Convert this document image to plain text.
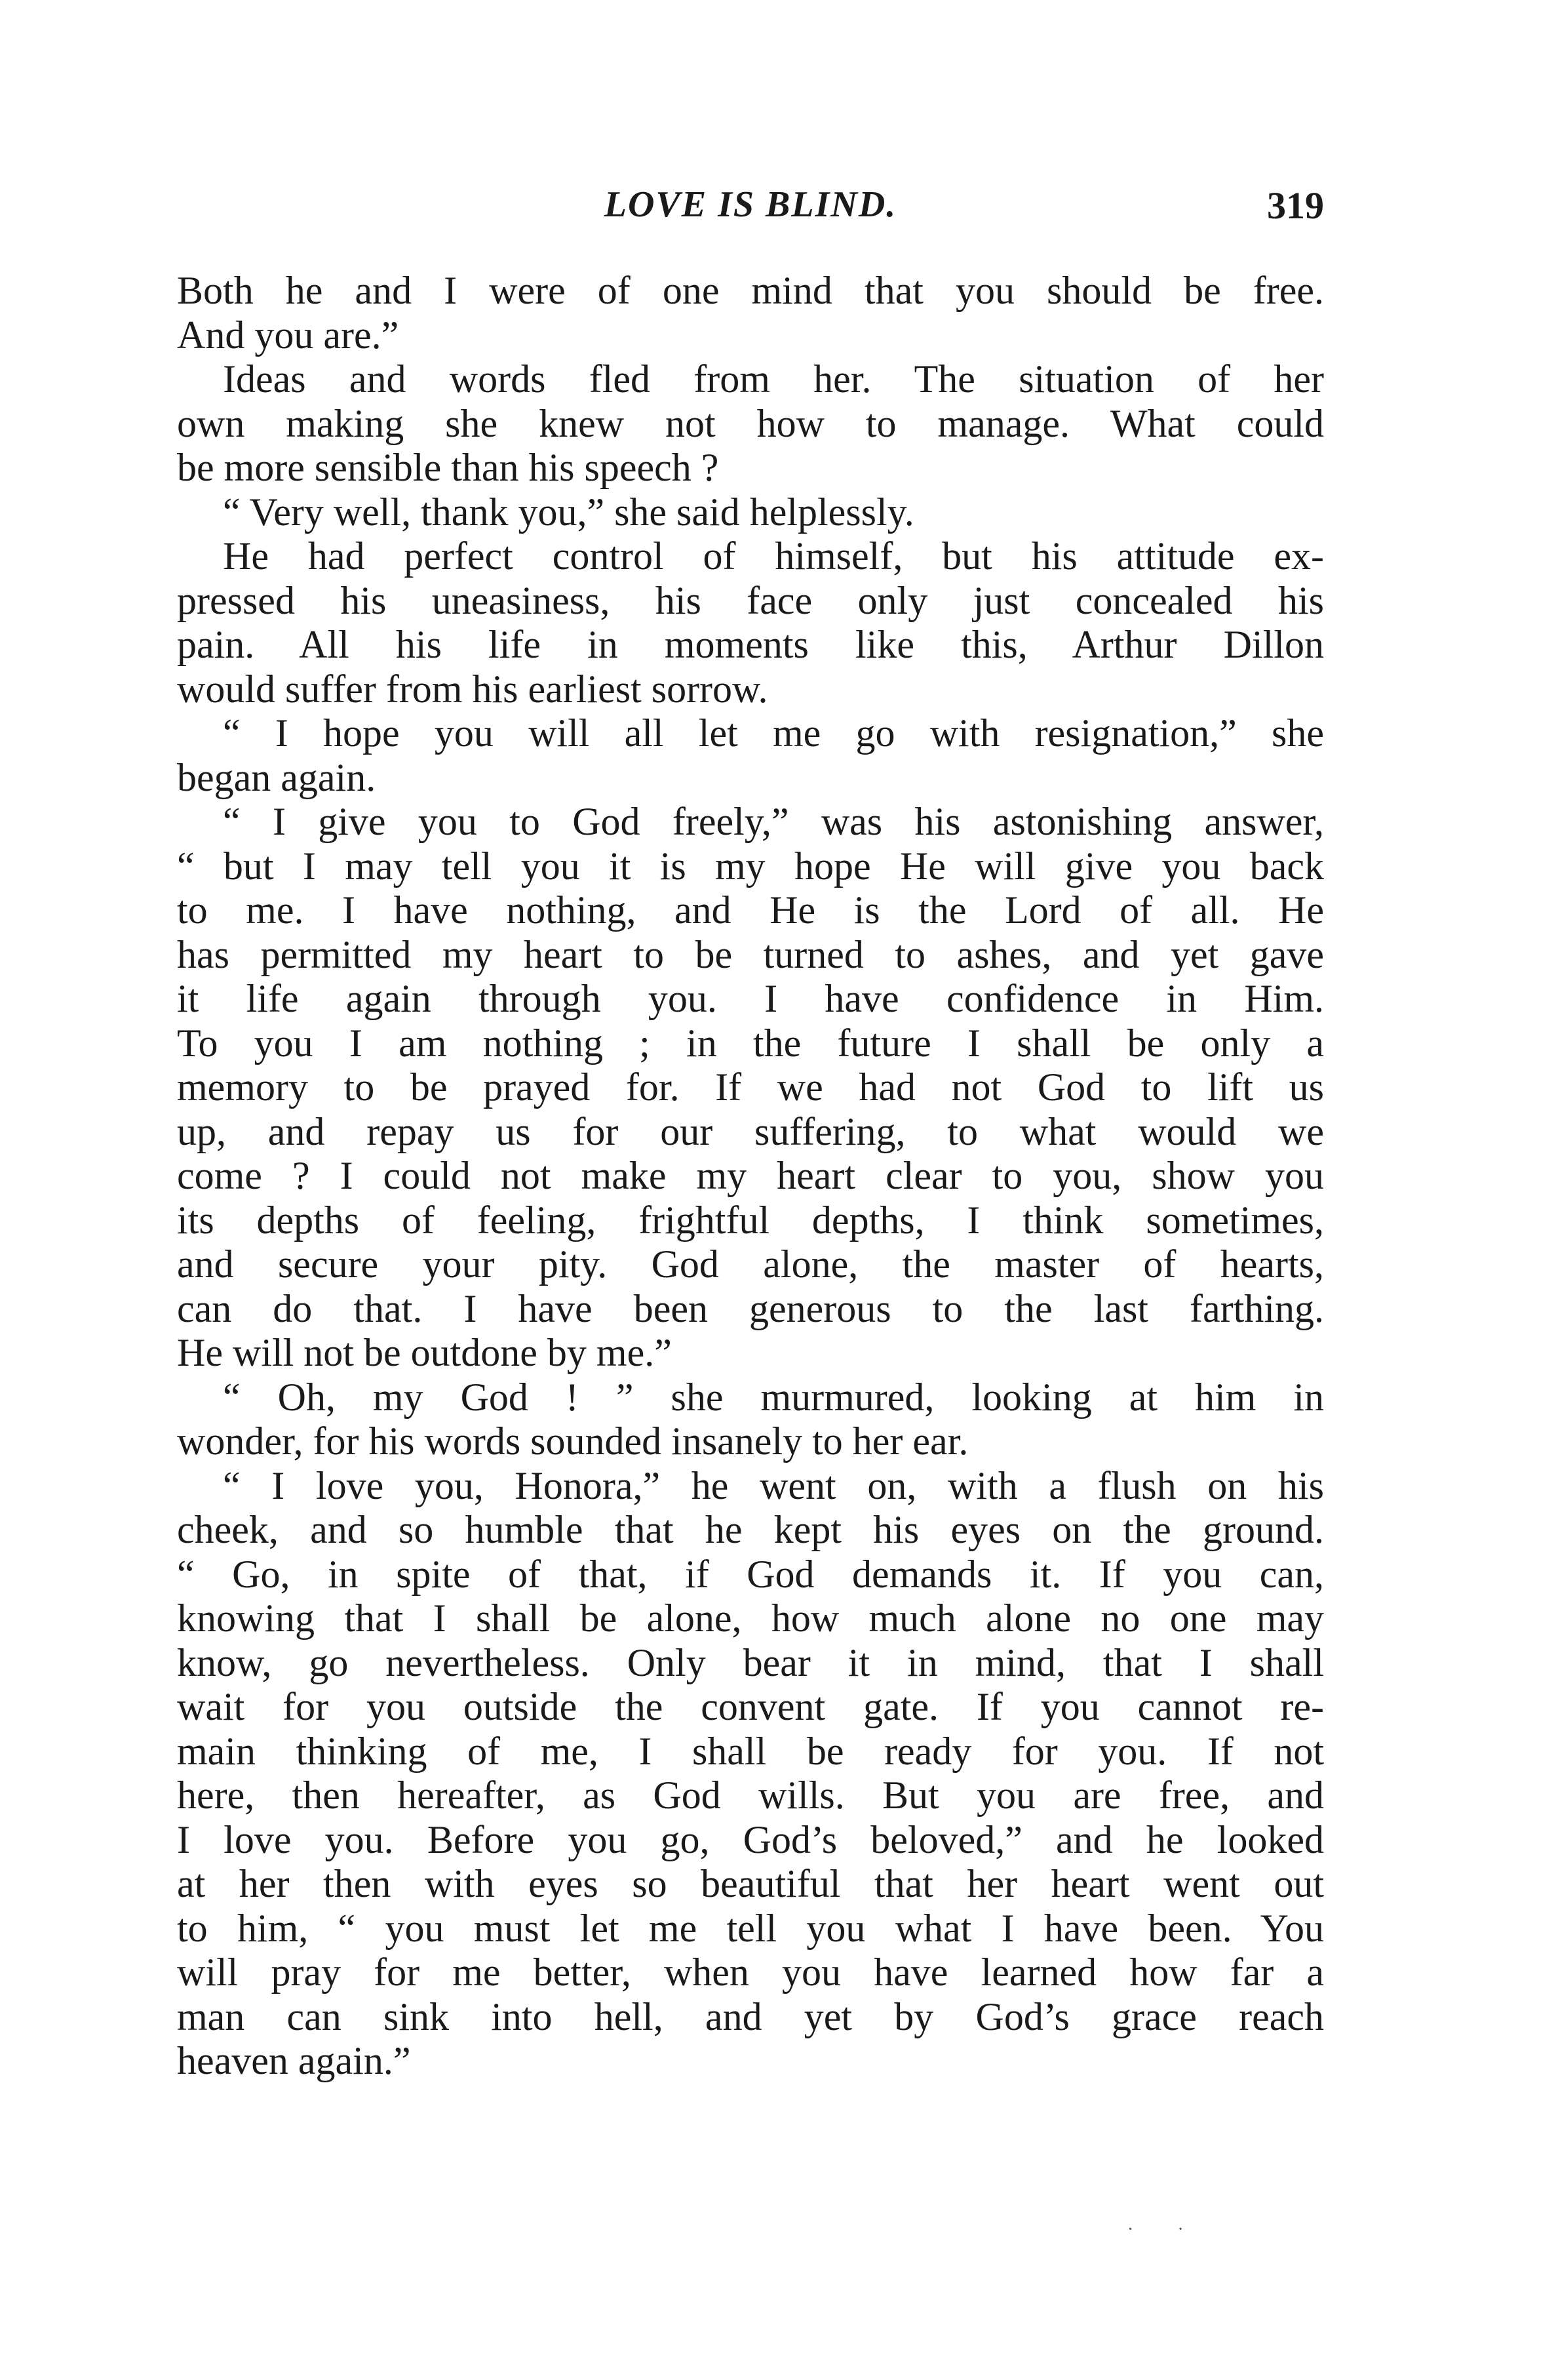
LOVE IS BLIND.	319
Both he and I were of one mind that you should be free.
And you are.”
Ideas and words fled from her. The situation of her
own making she knew not how to manage. What could
be more sensible than his speech ?
“ Very well, thank you,” she said helplessly.
He had perfect control of himself, but his attitude ex-
pressed his uneasiness, his face only just concealed his
pain. All his life in moments like this, Arthur Dillon
would suffer from his earliest sorrow.
“ I hope you will all let me go with resignation,” she
began again.
“ I give you to God freely,” was his astonishing answer,
“ but I may tell you it is my hope He will give you back
to me. I have nothing, and He is the Lord of all. He
has permitted my heart to be turned to ashes, and yet gave
it life again through you. I have confidence in Him.
To you I am nothing ; in the future I shall be only a
memory to be prayed for. If we had not God to lift us
up, and repay us for our suffering, to what would we
come ? I could not make my heart clear to you, show you
its depths of feeling, frightful depths, I think sometimes,
and secure your pity. God alone, the master of hearts,
can do that. I have been generous to the last farthing.
He will not be outdone by me.”
“ Oh, my God ! ” she murmured, looking at him in
wonder, for his words sounded insanely to her ear.
“ I love you, Honora,” he went on, with a flush on his
cheek, and so humble that he kept his eyes on the ground.
“ Go, in spite of that, if God demands it. If you can,
knowing that I shall be alone, how much alone no one may
know, go nevertheless. Only bear it in mind, that I shall
wait for you outside the convent gate. If you cannot re-
main thinking of me, I shall be ready for you. If not
here, then hereafter, as God wills. But you are free, and
I love you. Before you go, God’s beloved,” and he looked
at her then with eyes so beautiful that her heart went out
to him, “ you must let me tell you what I have been. You
will pray for me better, when you have learned how far a
man can sink into hell, and yet by God’s grace reach
heaven again.”
· ·
